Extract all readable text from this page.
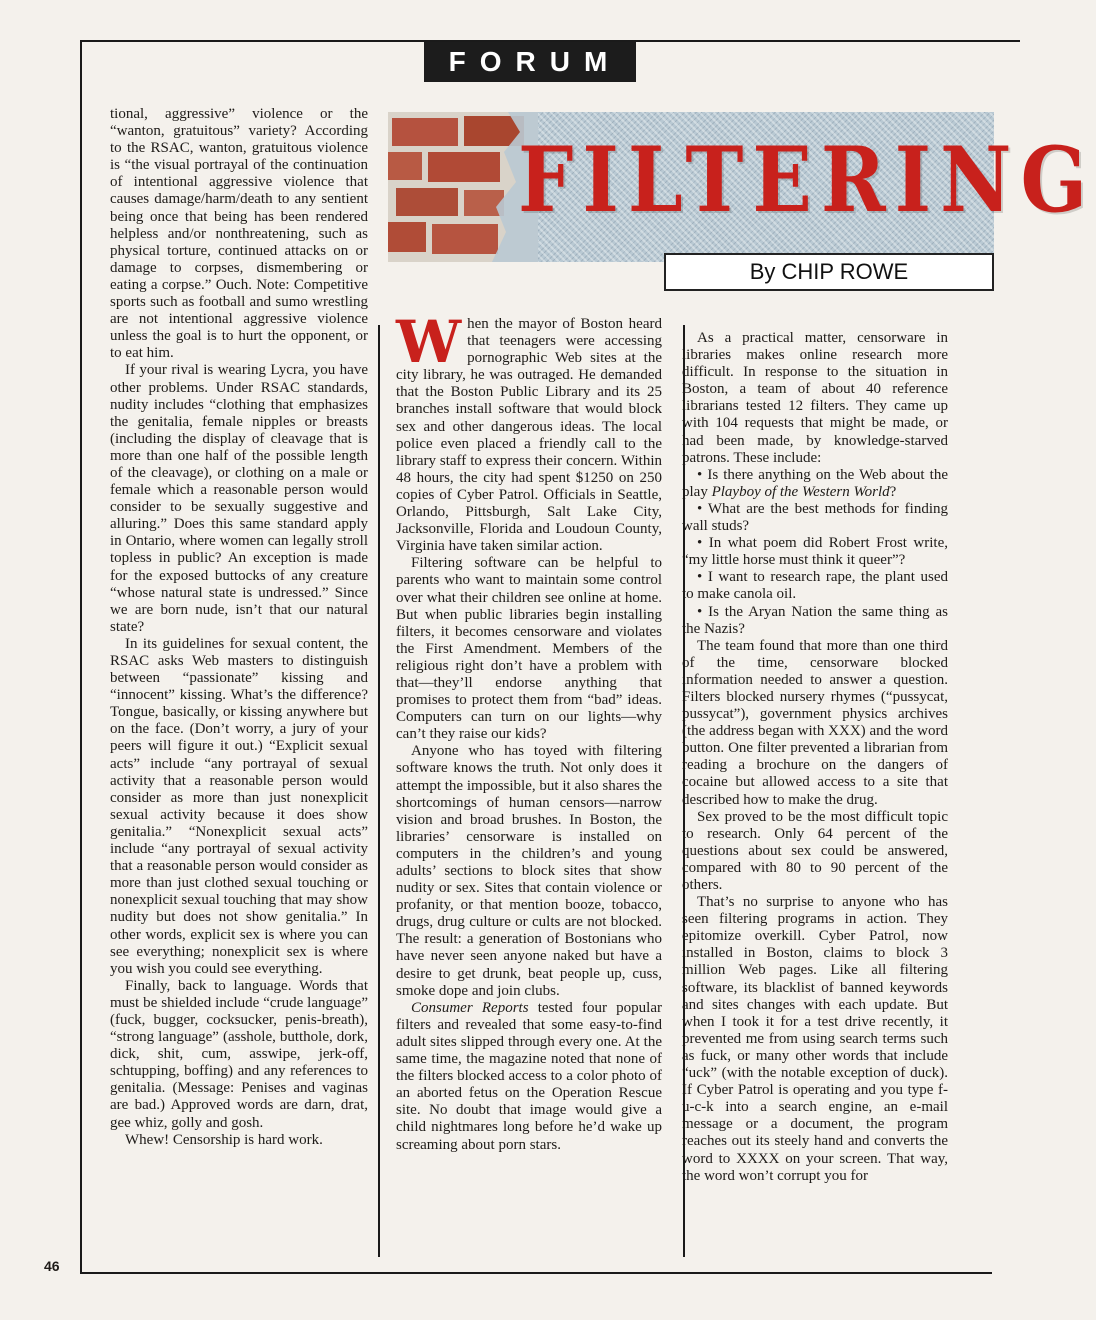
FORUM
FILTERING
By CHIP ROWE

tional, aggressive” violence or the “wanton, gratuitous” variety? According to the RSAC, wanton, gratuitous violence is “the visual portrayal of the continuation of intentional aggressive violence that causes damage/harm/death to any sentient being once that being has been rendered helpless and/or nonthreatening, such as physical torture, continued attacks on or damage to corpses, dismembering or eating a corpse.” Ouch. Note: Competitive sports such as football and sumo wrestling are not intentional aggressive violence unless the goal is to hurt the opponent, or to eat him.

If your rival is wearing Lycra, you have other problems. Under RSAC standards, nudity includes “clothing that emphasizes the genitalia, female nipples or breasts (including the display of cleavage that is more than one half of the possible length of the cleavage), or clothing on a male or female which a reasonable person would consider to be sexually suggestive and alluring.” Does this same standard apply in Ontario, where women can legally stroll topless in public? An exception is made for the exposed buttocks of any creature “whose natural state is undressed.” Since we are born nude, isn’t that our natural state?

In its guidelines for sexual content, the RSAC asks Web masters to distinguish between “passionate” kissing and “innocent” kissing. What’s the difference? Tongue, basically, or kissing anywhere but on the face. (Don’t worry, a jury of your peers will figure it out.) “Explicit sexual acts” include “any portrayal of sexual activity that a reasonable person would consider as more than just nonexplicit sexual activity because it does show genitalia.” “Nonexplicit sexual acts” include “any portrayal of sexual activity that a reasonable person would consider as more than just clothed sexual touching or nonexplicit sexual touching that may show nudity but does not show genitalia.” In other words, explicit sex is where you can see everything; nonexplicit sex is where you wish you could see everything.

Finally, back to language. Words that must be shielded include “crude language” (fuck, bugger, cocksucker, penis-breath), “strong language” (asshole, butthole, dork, dick, shit, cum, asswipe, jerk-off, schtupping, boffing) and any references to genitalia. (Message: Penises and vaginas are bad.) Approved words are darn, drat, gee whiz, golly and gosh.

Whew! Censorship is hard work.

When the mayor of Boston heard that teenagers were accessing pornographic Web sites at the city library, he was outraged. He demanded that the Boston Public Library and its 25 branches install software that would block sex and other dangerous ideas. The local police even placed a friendly call to the library staff to express their concern. Within 48 hours, the city had spent $1250 on 250 copies of Cyber Patrol. Officials in Seattle, Orlando, Pittsburgh, Salt Lake City, Jacksonville, Florida and Loudoun County, Virginia have taken similar action.

Filtering software can be helpful to parents who want to maintain some control over what their children see online at home. But when public libraries begin installing filters, it becomes censorware and violates the First Amendment. Members of the religious right don’t have a problem with that—they’ll endorse anything that promises to protect them from “bad” ideas. Computers can turn on our lights—why can’t they raise our kids?

Anyone who has toyed with filtering software knows the truth. Not only does it attempt the impossible, but it also shares the shortcomings of human censors—narrow vision and broad brushes. In Boston, the libraries’ censorware is installed on computers in the children’s and young adults’ sections to block sites that show nudity or sex. Sites that contain violence or profanity, or that mention booze, tobacco, drugs, drug culture or cults are not blocked. The result: a generation of Bostonians who have never seen anyone naked but have a desire to get drunk, beat people up, cuss, smoke dope and join clubs.

Consumer Reports tested four popular filters and revealed that some easy-to-find adult sites slipped through every one. At the same time, the magazine noted that none of the filters blocked access to a color photo of an aborted fetus on the Operation Rescue site. No doubt that image would give a child nightmares long before he’d wake up screaming about porn stars.

As a practical matter, censorware in libraries makes online research more difficult. In response to the situation in Boston, a team of about 40 reference librarians tested 12 filters. They came up with 104 requests that might be made, or had been made, by knowledge-starved patrons. These include:

• Is there anything on the Web about the play Playboy of the Western World?

• What are the best methods for finding wall studs?

• In what poem did Robert Frost write, “my little horse must think it queer”?

• I want to research rape, the plant used to make canola oil.

• Is the Aryan Nation the same thing as the Nazis?

The team found that more than one third of the time, censorware blocked information needed to answer a question. Filters blocked nursery rhymes (“pussycat, pussycat”), government physics archives (the address began with XXX) and the word button. One filter prevented a librarian from reading a brochure on the dangers of cocaine but allowed access to a site that described how to make the drug.

Sex proved to be the most difficult topic to research. Only 64 percent of the questions about sex could be answered, compared with 80 to 90 percent of the others.

That’s no surprise to anyone who has seen filtering programs in action. They epitomize overkill. Cyber Patrol, now installed in Boston, claims to block 3 million Web pages. Like all filtering software, its blacklist of banned keywords and sites changes with each update. But when I took it for a test drive recently, it prevented me from using search terms such as fuck, or many other words that include “uck” (with the notable exception of duck). If Cyber Patrol is operating and you type f-u-c-k into a search engine, an e-mail message or a document, the program reaches out its steely hand and converts the word to XXXX on your screen. That way, the word won’t corrupt you for

46
